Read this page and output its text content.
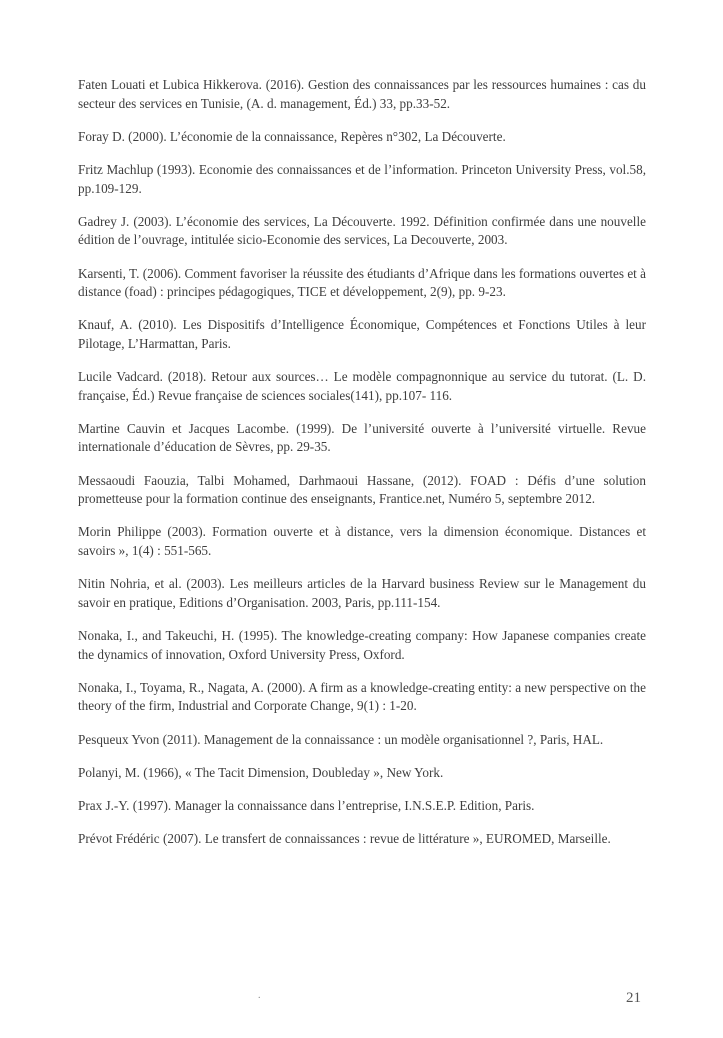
Faten Louati et Lubica Hikkerova. (2016). Gestion des connaissances par les ressources humaines : cas du secteur des services en Tunisie, (A. d. management, Éd.) 33, pp.33-52.
Foray D. (2000). L’économie de la connaissance, Repères n°302, La Découverte.
Fritz Machlup (1993). Economie des connaissances et de l’information. Princeton University Press, vol.58, pp.109-129.
Gadrey J. (2003). L’économie des services, La Découverte. 1992. Définition confirmée dans une nouvelle édition de l’ouvrage, intitulée sicio-Economie des services, La Decouverte, 2003.
Karsenti, T. (2006). Comment favoriser la réussite des étudiants d’Afrique dans les formations ouvertes et à distance (foad) : principes pédagogiques, TICE et développement, 2(9), pp. 9-23.
Knauf, A. (2010). Les Dispositifs d’Intelligence Économique, Compétences et Fonctions Utiles à leur Pilotage, L’Harmattan, Paris.
Lucile Vadcard. (2018). Retour aux sources… Le modèle compagnonnique au service du tutorat. (L. D. française, Éd.) Revue française de sciences sociales(141), pp.107- 116.
Martine Cauvin et Jacques Lacombe. (1999). De l’université ouverte à l’université virtuelle. Revue internationale d’éducation de Sèvres, pp. 29-35.
Messaoudi Faouzia, Talbi Mohamed, Darhmaoui Hassane, (2012). FOAD : Défis d’une solution prometteuse pour la formation continue des enseignants, Frantice.net, Numéro 5, septembre 2012.
Morin Philippe (2003). Formation ouverte et à distance, vers la dimension économique. Distances et savoirs », 1(4) : 551-565.
Nitin Nohria, et al. (2003). Les meilleurs articles de la Harvard business Review sur le Management du savoir en pratique, Editions d’Organisation. 2003, Paris, pp.111-154.
Nonaka, I., and Takeuchi, H. (1995). The knowledge-creating company: How Japanese companies create the dynamics of innovation, Oxford University Press, Oxford.
Nonaka, I., Toyama, R., Nagata, A. (2000). A firm as a knowledge-creating entity: a new perspective on the theory of the firm, Industrial and Corporate Change, 9(1) : 1-20.
Pesqueux Yvon (2011). Management de la connaissance : un modèle organisationnel ?, Paris, HAL.
Polanyi, M. (1966), « The Tacit Dimension, Doubleday », New York.
Prax J.-Y. (1997). Manager la connaissance dans l’entreprise, I.N.S.E.P. Edition, Paris.
Prévot Frédéric (2007). Le transfert de connaissances : revue de littérature », EUROMED, Marseille.
.	21
